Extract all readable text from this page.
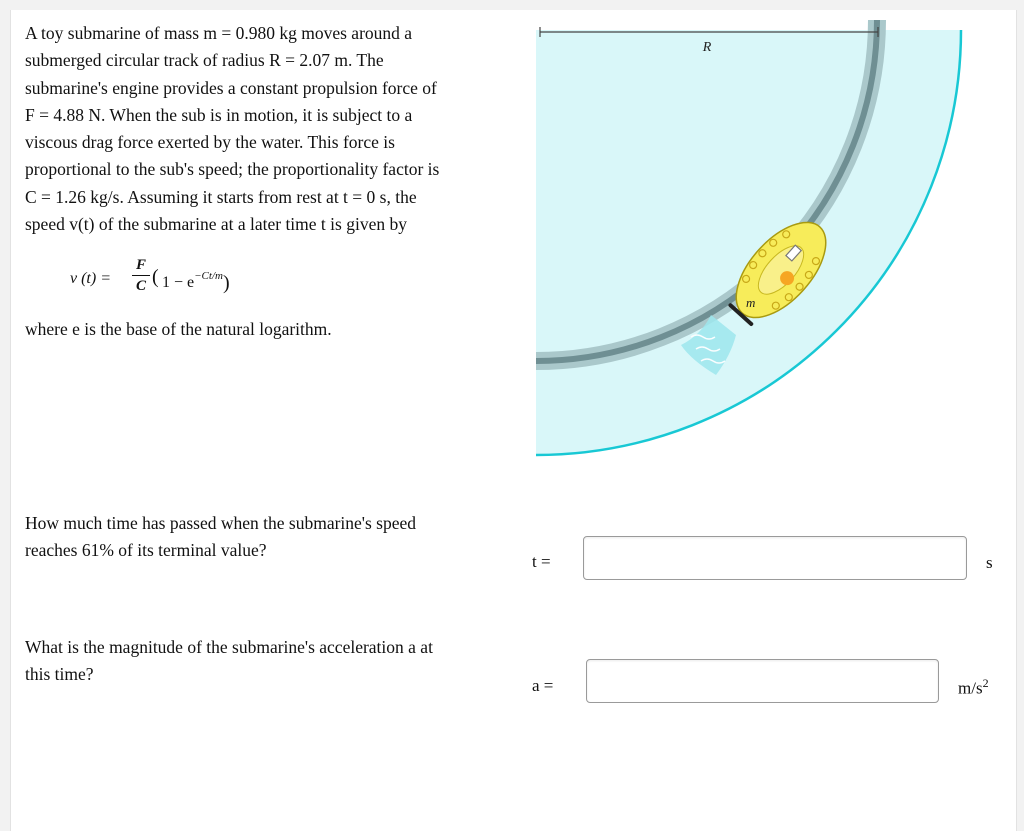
A toy submarine of mass m = 0.980 kg moves around a

submerged circular track of radius R = 2.07 m. The

submarine's engine provides a constant propulsion force of

F = 4.88 N. When the sub is in motion, it is subject to a

viscous drag force exerted by the water. This force is

proportional to the sub's speed; the proportionality factor is

C = 1.26 kg/s. Assuming it starts from rest at t = 0 s, the

speed v(t) of the submarine at a later time t is given by

v (t) =
F
C ( $1 - e^{-Ct/m}$)

where e is the base of the natural logarithm.

R
m

How much time has passed when the submarine's speed

reaches 61% of its terminal value?

t =	s

What is the magnitude of the submarine's acceleration a at

this time?

a =	$m/s^2$
